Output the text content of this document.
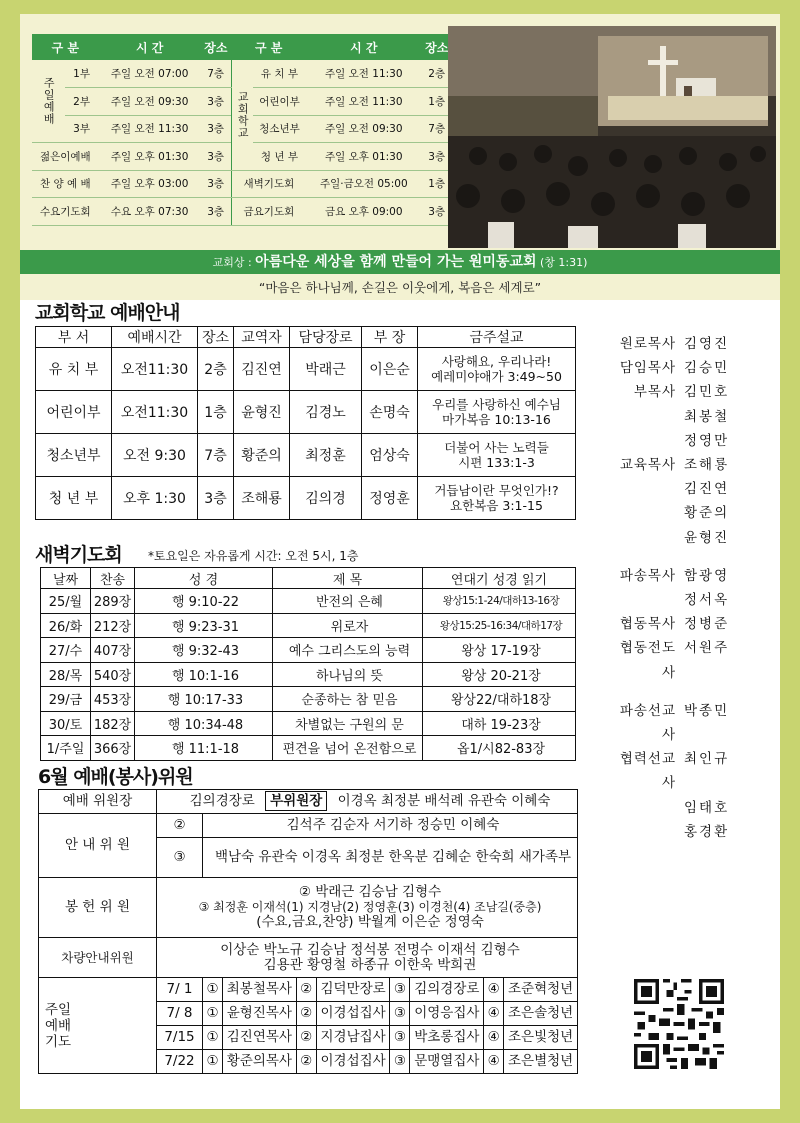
구 분		시 간	장소	구 분		시 간	장소
주일예배	1부	주일 오전 07:00	7층	교회학교	유 치 부	주일 오전 11:30	2층
	2부	주일 오전 09:30	3층		어린이부	주일 오전 11:30	1층
	3부	주일 오전 11:30	3층		청소년부	주일 오전 09:30	7층
젊은이예배		주일 오후 01:30	3층		청 년 부	주일 오후 01:30	3층
찬 양 예 배		주일 오후 03:00	3층	새벽기도회		주일·금오전 05:00	1층
수요기도회		수요 오후 07:30	3층	금요기도회		금요 오후 09:00	3층
교회상 : 아름다운 세상을 함께 만들어 가는 원미동교회 (창 1:31)
“마음은 하나님께, 손길은 이웃에게, 복음은 세계로”
교회학교 예배안내
부 서	예배시간	장소	교역자	담당장로	부 장	금주설교
유 치 부	오전11:30	2층	김진연	박래근	이은순	사랑해요, 우리나라!
예레미야애가 3:49~50

어린이부	오전11:30	1층	윤형진	김경노	손명숙	우리를 사랑하신 예수님
마가복음 10:13-16

청소년부	오전 9:30	7층	황준의	최정훈	엄상숙	더불어 사는 노력들
시편 133:1-3

청 년 부	오후 1:30	3층	조해룡	김의경	정영훈	거듭남이란 무엇인가!?
요한복음 3:1-15
새벽기도회 *토요일은 자유롭게 시간: 오전 5시, 1층
날짜	찬송	성 경	제 목	연대기 성경 읽기
25/월	289장	행 9:10-22	반전의 은혜	왕상15:1-24/대하13-16장
26/화	212장	행 9:23-31	위로자	왕상15:25-16:34/대하17장
27/수	407장	행 9:32-43	예수 그리스도의 능력	왕상 17-19장
28/목	540장	행 10:1-16	하나님의 뜻	왕상 20-21장
29/금	453장	행 10:17-33	순종하는 참 믿음	왕상22/대하18장
30/토	182장	행 10:34-48	차별없는 구원의 문	대하 19-23장
1/주일	366장	행 11:1-18	편견을 넘어 온전함으로	옵1/시82-83장
6월 예배(봉사)위원
예배 위원장	김의경장로 부위원장 이경옥 최정분 배석례 유관숙 이혜숙								
안 내 위 원	②	김석주 김순자 서기하 정승민 이혜숙							
	③	백남숙 유관숙 이경옥 최정분 한옥분 김혜순 한숙희 새가족부							
봉 헌 위 원	② 박래근 김승남 김형수
③ 최정훈 이재석(1) 지경남(2) 정영훈(3) 이경천(4) 조남길(중층)
(수요,금요,찬양) 박월계 이은순 정영숙								

차량안내위원	이상순 박노규 김승남 정석봉 전명수 이재석 김형수
김용관 황영철 하종규 이한욱 박희권								

주일예배기도	7/ 1	①	최봉철목사	②	김덕만장로	③	김의경장로	④	조준혁청년
	7/ 8	①	윤형진목사	②	이경섭집사	③	이영응집사	④	조은솔청년
	7/15	①	김진연목사	②	지경남집사	③	박초롱집사	④	조은빛청년
	7/22	①	황준의목사	②	이경섭집사	③	문맹열집사	④	조은별청년
원로목사 김영진
담임목사 김승민
부목사 김민호
최봉철
정영만
교육목사 조해룡
김진연
황준의
윤형진
파송목사 함광영
정서옥
협동목사 정병준
협동전도사
서원주
파송선교사
박종민
협력선교사
최인규
임태호
홍경환
